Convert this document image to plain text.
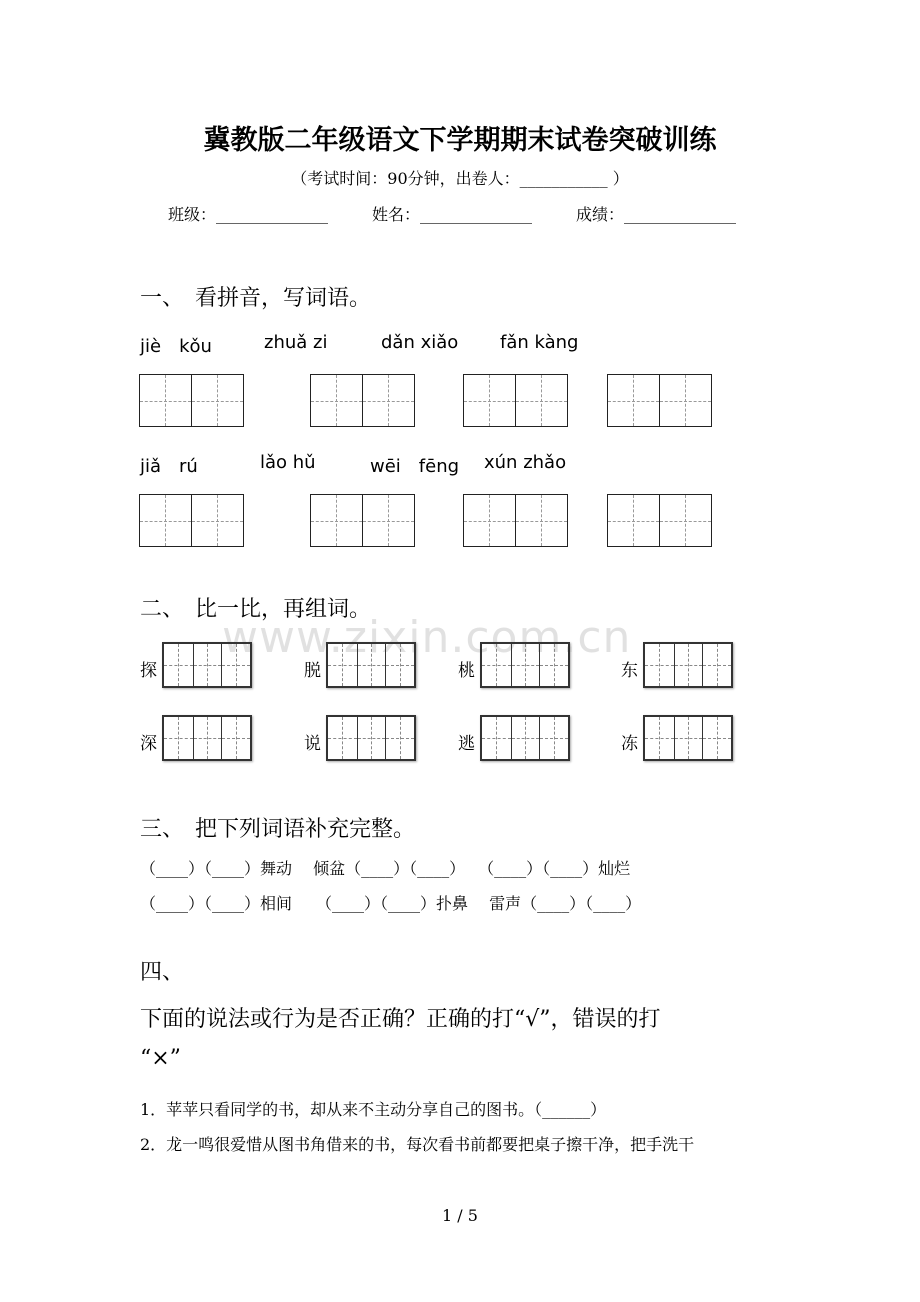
冀教版二年级语文下学期期末试卷突破训练
（考试时间：90分钟，出卷人：___________ ）
班级：______________	姓名：______________	成绩：______________
一、　看拼音，写词语。
jiè　kǒu	zhuǎ zi	dǎn xiǎo fǎn kàng
jiǎ　rú	lǎo hǔ	wēi　fēng xún zhǎo
二、　比一比，再组词。
www.zixin.com.cn
探	脱	桃	东
深	说	逃	冻
三、　把下列词语补充完整。
（____）（____）舞动　 倾盆（____）（____）　 （____）（____）灿烂
（____）（____）相间　　（____）（____）扑鼻　 雷声（____）（____）
四、
下面的说法或行为是否正确？正确的打“√”，错误的打
“×”
1．苹苹只看同学的书，却从来不主动分享自己的图书。（______）
2．龙一鸣很爱惜从图书角借来的书，每次看书前都要把桌子擦干净，把手洗干
1 / 5
